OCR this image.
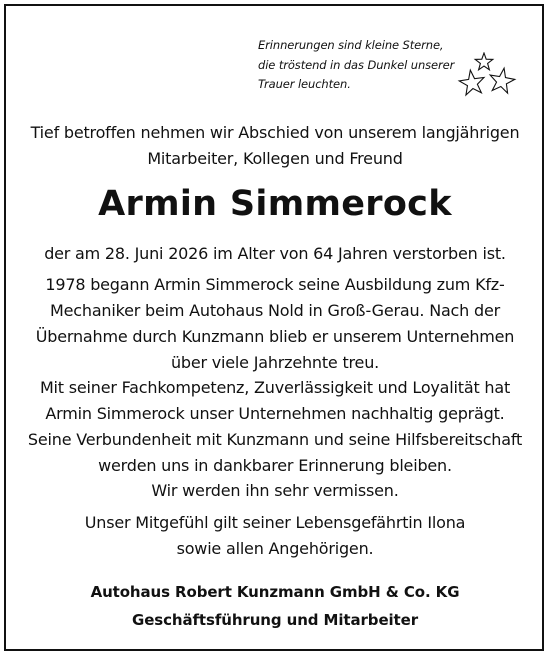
Erinnerungen sind kleine Sterne,
die tröstend in das Dunkel unserer
Trauer leuchten.
Tief betroffen nehmen wir Abschied von unserem langjährigen
Mitarbeiter, Kollegen und Freund
Armin Simmerock
der am 28. Juni 2026 im Alter von 64 Jahren verstorben ist.
1978 begann Armin Simmerock seine Ausbildung zum Kfz-
Mechaniker beim Autohaus Nold in Groß-Gerau. Nach der
Übernahme durch Kunzmann blieb er unserem Unternehmen
über viele Jahrzehnte treu.
Mit seiner Fachkompetenz, Zuverlässigkeit und Loyalität hat
Armin Simmerock unser Unternehmen nachhaltig geprägt.
Seine Verbundenheit mit Kunzmann und seine Hilfsbereitschaft
werden uns in dankbarer Erinnerung bleiben.
Wir werden ihn sehr vermissen.
Unser Mitgefühl gilt seiner Lebensgefährtin Ilona
sowie allen Angehörigen.
Autohaus Robert Kunzmann GmbH & Co. KG
Geschäftsführung und Mitarbeiter
